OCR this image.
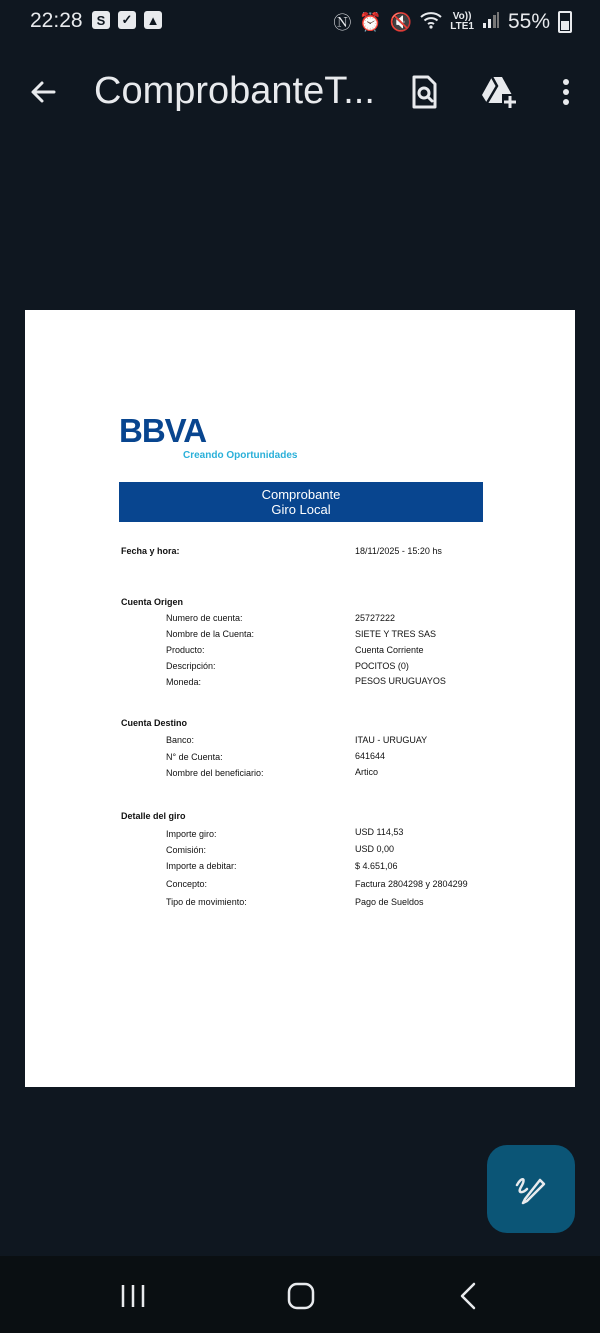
22:28	S	✓ ▲	Ⓝ ⏰ 🔇	Vo))
LTE1 55%
ComprobanteT...
BBVA
Creando Oportunidades
Comprobante
Giro Local
Fecha y hora:	18/11/2025 - 15:20 hs
Cuenta Origen
Numero de cuenta:	25727222
Nombre de la Cuenta:	SIETE Y TRES SAS
Producto:	Cuenta Corriente
Descripción:	POCITOS (0)
Moneda:	PESOS URUGUAYOS
Cuenta Destino
Banco:	ITAU - URUGUAY
N° de Cuenta:	641644
Nombre del beneficiario:	Artico
Detalle del giro
Importe giro:	USD 114,53
Comisión:	USD 0,00
Importe a debitar:	$ 4.651,06
Concepto:	Factura 2804298 y 2804299
Tipo de movimiento:	Pago de Sueldos
